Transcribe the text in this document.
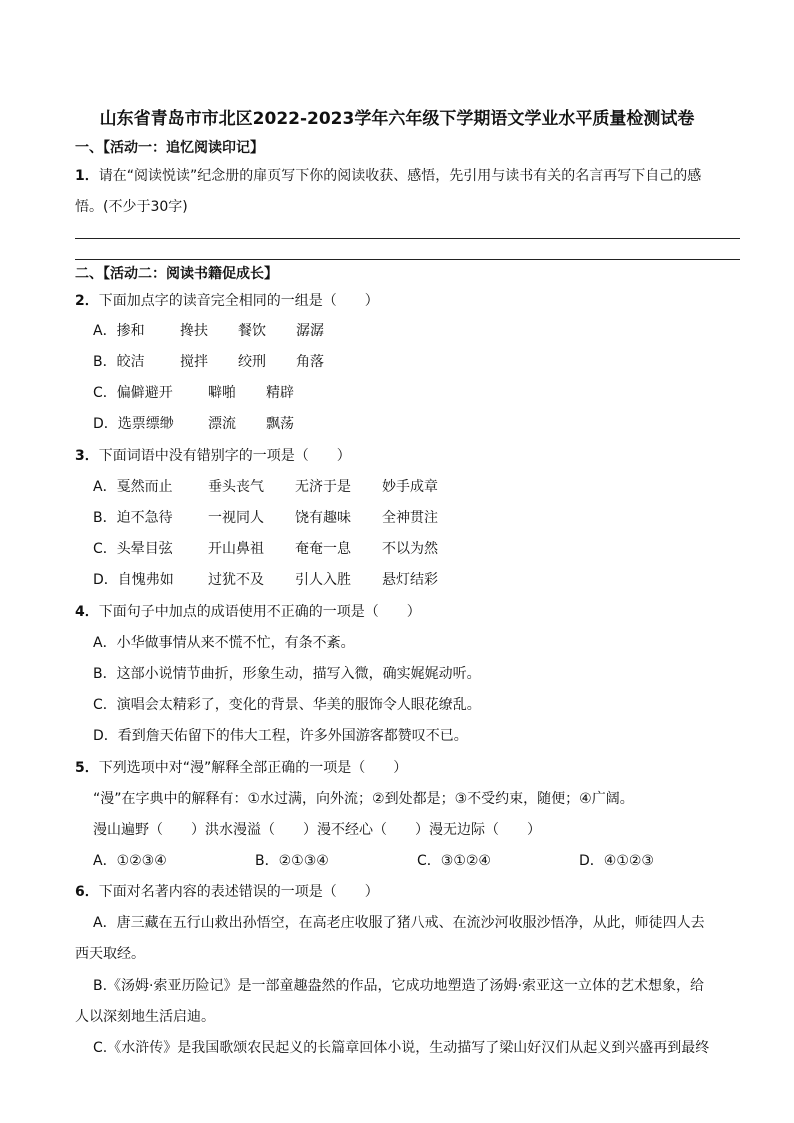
山东省青岛市市北区2022-2023学年六年级下学期语文学业水平质量检测试卷
一、【活动一：追忆阅读印记】
1．请在“阅读悦读”纪念册的扉页写下你的阅读收获、感悟，先引用与读书有关的名言再写下自己的感
悟。(不少于30字)
二、【活动二：阅读书籍促成长】
2．下面加点字的读音完全相同的一组是（　　）
A．掺和	搀扶 餐饮 潺潺
B．皎洁	搅拌 绞刑 角落
C．偏僻避开	噼啪 精辟
D．选票缥缈 漂流 飘荡
3．下面词语中没有错别字的一项是（　　）
A．戛然而止	垂头丧气 无济于是 妙手成章
B．迫不急待	一视同人 饶有趣味 全神贯注
C．头晕目弦	开山鼻祖 奄奄一息 不以为然
D．自愧弗如 过犹不及 引人入胜 悬灯结彩
4．下面句子中加点的成语使用不正确的一项是（　　）
A．小华做事情从来不慌不忙，有条不紊。
B．这部小说情节曲折，形象生动，描写入微，确实娓娓动听。
C．演唱会太精彩了，变化的背景、华美的服饰令人眼花缭乱。
D．看到詹天佑留下的伟大工程，许多外国游客都赞叹不已。
5．下列选项中对“漫”解释全部正确的一项是（　　）
“漫”在字典中的解释有：①水过满，向外流；②到处都是；③不受约束，随便；④广阔。
漫山遍野（　　）洪水漫溢（　　）漫不经心（　　）漫无边际（　　）
A．①②③④	B．②①③④	C．③①②④	D．④①②③
6．下面对名著内容的表述错误的一项是（　　）
A．唐三藏在五行山救出孙悟空，在高老庄收服了猪八戒、在流沙河收服沙悟净，从此，师徒四人去
西天取经。
B.《汤姆·索亚历险记》是一部童趣盎然的作品，它成功地塑造了汤姆·索亚这一立体的艺术想象，给
人以深刻地生活启迪。
C.《水浒传》是我国歌颂农民起义的长篇章回体小说，生动描写了梁山好汉们从起义到兴盛再到最终
